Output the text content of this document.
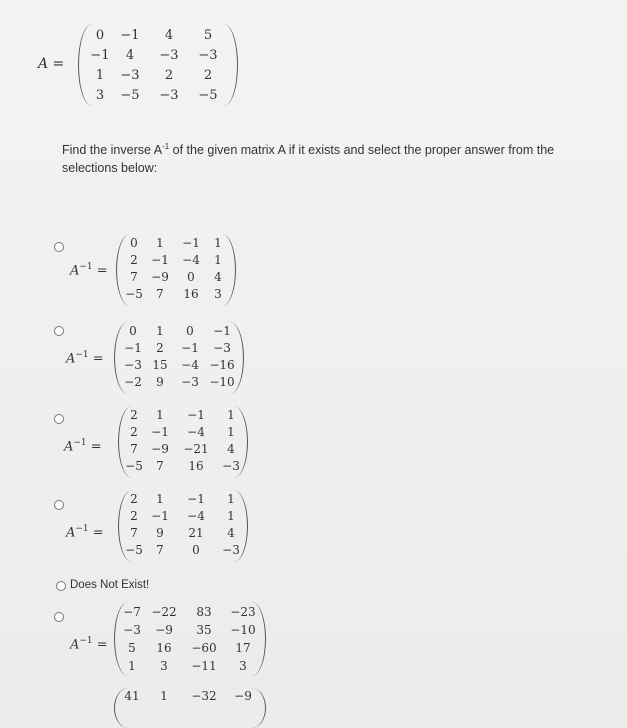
A =
0	−1	4	5
−1	4	−3	−3
1	−3	2	2
3	−5	−3	−5
Find the inverse $A^{-1}$ of the given matrix A if it exists and select the proper answer from the selections below:
$A^{-1}$ =
0	1	−1	1
2	−1	−4	1
7	−9	0	4
−5	7	16	3
$A^{-1}$ =
0	1	0	−1
−1	2	−1	−3
−3 15	−4 −16
−2	9	−3 −10
$A^{-1}$ =
2	1	−1	1
2	−1	−4	1
7	−9	−21	4
−5	7	16	−3
$A^{-1}$ =
2	1	−1	1
2	−1	−4	1
7	9	21	4
−5	7	0	−3
Does Not Exist!
$A^{-1}$ =
−7 −22	83	−23
−3	−9	35	−10
5	16	−60	17
1	3	−11	3
41	1	−32	−9
